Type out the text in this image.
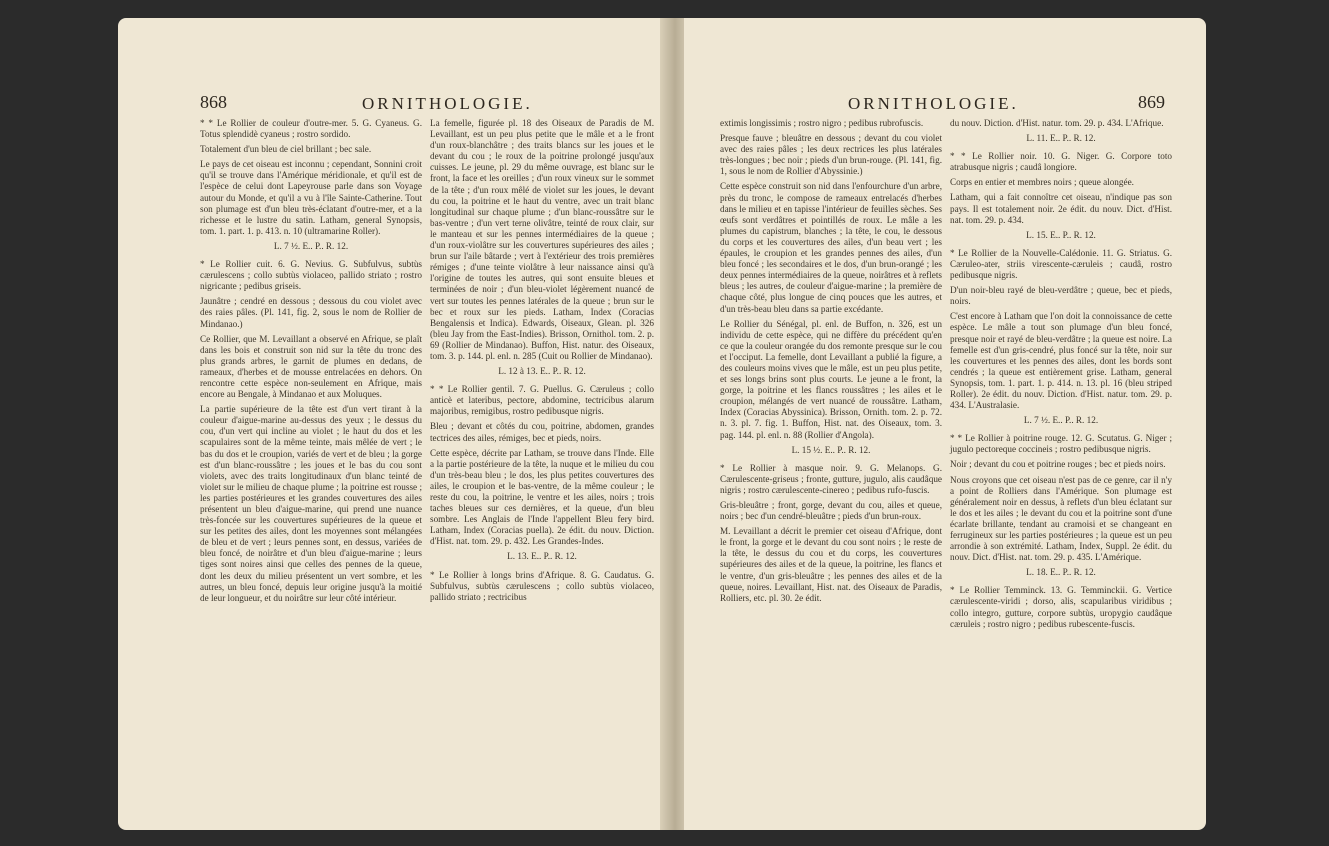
868	ORNITHOLOGIE.

* * Le Rollier de couleur d'outre-mer. 5. G. Cyaneus. G. Totus splendidè cyaneus ; rostro sordido.

Totalement d'un bleu de ciel brillant ; bec sale.

Le pays de cet oiseau est inconnu ; cependant, Sonnini croit qu'il se trouve dans l'Amérique méridionale, et qu'il est de l'espèce de celui dont Lapeyrouse parle dans son Voyage autour du Monde, et qu'il a vu à l'île Sainte-Catherine. Tout son plumage est d'un bleu très-éclatant d'outre-mer, et a la richesse et le lustre du satin. Latham, general Synopsis, tom. 1. part. 1. p. 413. n. 10 (ultramarine Roller).

L. 7 ½. E.. P.. R. 12.

* Le Rollier cuit. 6. G. Nevius. G. Subfulvus, subtùs cærulescens ; collo subtùs violaceo, pallido striato ; rostro nigricante ; pedibus griseis.

Jaunâtre ; cendré en dessous ; dessous du cou violet avec des raies pâles. (Pl. 141, fig. 2, sous le nom de Rollier de Mindanao.)

Ce Rollier, que M. Levaillant a observé en Afrique, se plaît dans les bois et construit son nid sur la tête du tronc des plus grands arbres, le garnit de plumes en dedans, de rameaux, d'herbes et de mousse entrelacées en dehors. On rencontre cette espèce non-seulement en Afrique, mais encore au Bengale, à Mindanao et aux Moluques.

La partie supérieure de la tête est d'un vert tirant à la couleur d'aigue-marine au-dessus des yeux ; le dessus du cou, d'un vert qui incline au violet ; le haut du dos et les scapulaires sont de la même teinte, mais mêlée de vert ; le bas du dos et le croupion, variés de vert et de bleu ; la gorge est d'un blanc-roussâtre ; les joues et le bas du cou sont violets, avec des traits longitudinaux d'un blanc teinté de violet sur le milieu de chaque plume ; la poitrine est rousse ; les parties postérieures et les grandes couvertures des ailes présentent un bleu d'aigue-marine, qui prend une nuance très-foncée sur les couvertures supérieures de la queue et sur les petites des ailes, dont les moyennes sont mélangées de bleu et de vert ; leurs pennes sont, en dessus, variées de bleu foncé, de noirâtre et d'un bleu d'aigue-marine ; leurs tiges sont noires ainsi que celles des pennes de la queue, dont les deux du milieu présentent un vert sombre, et les autres, un bleu foncé, depuis leur origine jusqu'à la moitié de leur longueur, et du noirâtre sur leur côté intérieur.

La femelle, figurée pl. 18 des Oiseaux de Paradis de M. Levaillant, est un peu plus petite que le mâle et a le front d'un roux-blanchâtre ; des traits blancs sur les joues et le devant du cou ; le roux de la poitrine prolongé jusqu'aux cuisses. Le jeune, pl. 29 du même ouvrage, est blanc sur le front, la face et les oreilles ; d'un roux vineux sur le sommet de la tête ; d'un roux mêlé de violet sur les joues, le devant du cou, la poitrine et le haut du ventre, avec un trait blanc longitudinal sur chaque plume ; d'un blanc-roussâtre sur le bas-ventre ; d'un vert terne olivâtre, teinté de roux clair, sur le manteau et sur les pennes intermédiaires de la queue ; d'un roux-violâtre sur les couvertures supérieures des ailes ; brun sur l'aile bâtarde ; vert à l'extérieur des trois premières rémiges ; d'une teinte violâtre à leur naissance ainsi qu'à l'origine de toutes les autres, qui sont ensuite bleues et terminées de noir ; d'un bleu-violet légèrement nuancé de vert sur toutes les pennes latérales de la queue ; brun sur le bec et roux sur les pieds. Latham, Index (Coracias Bengalensis et Indica). Edwards, Oiseaux, Glean. pl. 326 (bleu Jay from the East-Indies). Brisson, Ornithol. tom. 2. p. 69 (Rollier de Mindanao). Buffon, Hist. natur. des Oiseaux, tom. 3. p. 144. pl. enl. n. 285 (Cuit ou Rollier de Mindanao).

L. 12 à 13. E.. P.. R. 12.

* * Le Rollier gentil. 7. G. Puellus. G. Cæruleus ; collo anticè et lateribus, pectore, abdomine, tectricibus alarum majoribus, remigibus, rostro pedibusque nigris.

Bleu ; devant et côtés du cou, poitrine, abdomen, grandes tectrices des ailes, rémiges, bec et pieds, noirs.

Cette espèce, décrite par Latham, se trouve dans l'Inde. Elle a la partie postérieure de la tête, la nuque et le milieu du cou d'un très-beau bleu ; le dos, les plus petites couvertures des ailes, le croupion et le bas-ventre, de la même couleur ; le reste du cou, la poitrine, le ventre et les ailes, noirs ; trois taches bleues sur ces dernières, et la queue, d'un bleu sombre. Les Anglais de l'Inde l'appellent Bleu fery bird. Latham, Index (Coracias puella). 2e édit. du nouv. Diction. d'Hist. nat. tom. 29. p. 432. Les Grandes-Indes.

L. 13. E.. P.. R. 12.

* Le Rollier à longs brins d'Afrique. 8. G. Caudatus. G. Subfulvus, subtùs cærulescens ; collo subtùs violaceo, pallido striato ; rectricibus

ORNITHOLOGIE.	869

extimis longissimis ; rostro nigro ; pedibus rubrofuscis.

Presque fauve ; bleuâtre en dessous ; devant du cou violet avec des raies pâles ; les deux rectrices les plus latérales très-longues ; bec noir ; pieds d'un brun-rouge. (Pl. 141, fig. 1, sous le nom de Rollier d'Abyssinie.)

Cette espèce construit son nid dans l'enfourchure d'un arbre, près du tronc, le compose de rameaux entrelacés d'herbes dans le milieu et en tapisse l'intérieur de feuilles sèches. Ses œufs sont verdâtres et pointillés de roux. Le mâle a les plumes du capistrum, blanches ; la tête, le cou, le dessous du corps et les couvertures des ailes, d'un beau vert ; les épaules, le croupion et les grandes pennes des ailes, d'un bleu foncé ; les secondaires et le dos, d'un brun-orangé ; les deux pennes intermédiaires de la queue, noirâtres et à reflets bleus ; les autres, de couleur d'aigue-marine ; la première de chaque côté, plus longue de cinq pouces que les autres, et d'un très-beau bleu dans sa partie excédante.

Le Rollier du Sénégal, pl. enl. de Buffon, n. 326, est un individu de cette espèce, qui ne diffère du précédent qu'en ce que la couleur orangée du dos remonte presque sur le cou et l'occiput. La femelle, dont Levaillant a publié la figure, a des couleurs moins vives que le mâle, est un peu plus petite, et ses longs brins sont plus courts. Le jeune a le front, la gorge, la poitrine et les flancs roussâtres ; les ailes et le croupion, mélangés de vert nuancé de roussâtre. Latham, Index (Coracias Abyssinica). Brisson, Ornith. tom. 2. p. 72. n. 3. pl. 7. fig. 1. Buffon, Hist. nat. des Oiseaux, tom. 3. pag. 144. pl. enl. n. 88 (Rollier d'Angola).

L. 15 ½. E.. P.. R. 12.

* Le Rollier à masque noir. 9. G. Melanops. G. Cærulescente-griseus ; fronte, gutture, jugulo, alis caudâque nigris ; rostro cærulescente-cinereo ; pedibus rufo-fuscis.

Gris-bleuâtre ; front, gorge, devant du cou, ailes et queue, noirs ; bec d'un cendré-bleuâtre ; pieds d'un brun-roux.

M. Levaillant a décrit le premier cet oiseau d'Afrique, dont le front, la gorge et le devant du cou sont noirs ; le reste de la tête, le dessus du cou et du corps, les couvertures supérieures des ailes et de la queue, la poitrine, les flancs et le ventre, d'un gris-bleuâtre ; les pennes des ailes et de la queue, noires. Levaillant, Hist. nat. des Oiseaux de Paradis, Rolliers, etc. pl. 30. 2e édit.

du nouv. Diction. d'Hist. natur. tom. 29. p. 434. L'Afrique.

L. 11. E.. P.. R. 12.

* * Le Rollier noir. 10. G. Niger. G. Corpore toto atrabusque nigris ; caudâ longiore.

Corps en entier et membres noirs ; queue alongée.

Latham, qui a fait connoître cet oiseau, n'indique pas son pays. Il est totalement noir. 2e édit. du nouv. Dict. d'Hist. nat. tom. 29. p. 434.

L. 15. E.. P.. R. 12.

* Le Rollier de la Nouvelle-Calédonie. 11. G. Striatus. G. Cæruleo-ater, striis virescente-cæruleis ; caudâ, rostro pedibusque nigris.

D'un noir-bleu rayé de bleu-verdâtre ; queue, bec et pieds, noirs.

C'est encore à Latham que l'on doit la connoissance de cette espèce. Le mâle a tout son plumage d'un bleu foncé, presque noir et rayé de bleu-verdâtre ; la queue est noire. La femelle est d'un gris-cendré, plus foncé sur la tête, noir sur les couvertures et les pennes des ailes, dont les bords sont cendrés ; la queue est entièrement grise. Latham, general Synopsis, tom. 1. part. 1. p. 414. n. 13. pl. 16 (bleu striped Roller). 2e édit. du nouv. Diction. d'Hist. natur. tom. 29. p. 434. L'Australasie.

L. 7 ½. E.. P.. R. 12.

* * Le Rollier à poitrine rouge. 12. G. Scutatus. G. Niger ; jugulo pectoreque coccineis ; rostro pedibusque nigris.

Noir ; devant du cou et poitrine rouges ; bec et pieds noirs.

Nous croyons que cet oiseau n'est pas de ce genre, car il n'y a point de Rolliers dans l'Amérique. Son plumage est généralement noir en dessus, à reflets d'un bleu éclatant sur le dos et les ailes ; le devant du cou et la poitrine sont d'une écarlate brillante, tendant au cramoisi et se changeant en ferrugineux sur les parties postérieures ; la queue est un peu arrondie à son extrémité. Latham, Index, Suppl. 2e édit. du nouv. Dict. d'Hist. nat. tom. 29. p. 435. L'Amérique.

L. 18. E.. P.. R. 12.

* Le Rollier Temminck. 13. G. Temminckii. G. Vertice cærulescente-viridi ; dorso, alis, scapularibus viridibus ; collo integro, gutture, corpore subtùs, uropygio caudâque cæruleis ; rostro nigro ; pedibus rubescente-fuscis.
